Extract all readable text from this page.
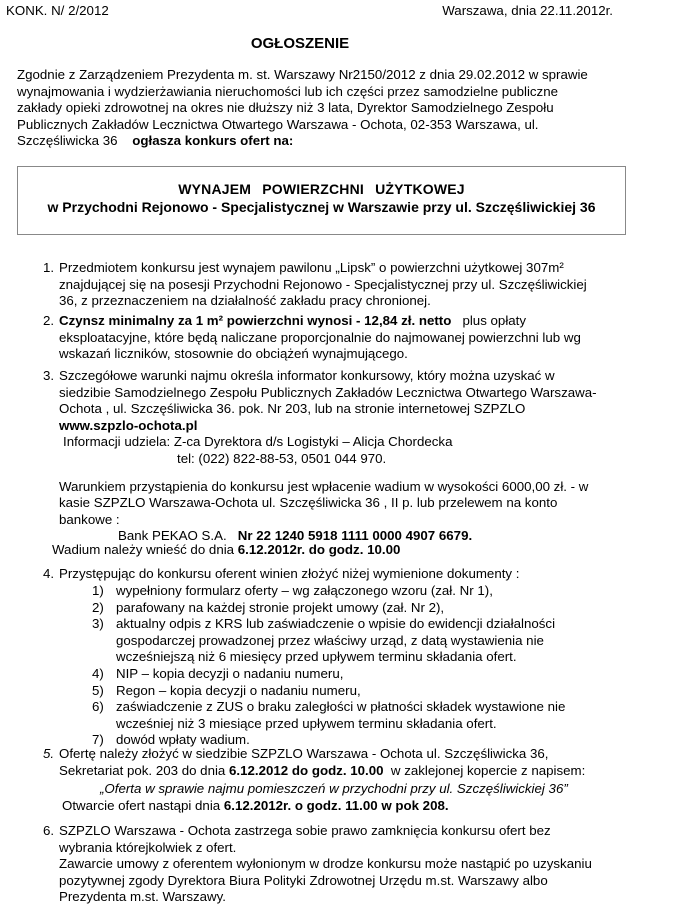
KONK. N/ 2/2012	Warszawa, dnia 22.11.2012r.
OGŁOSZENIE
Zgodnie z Zarządzeniem Prezydenta m. st. Warszawy Nr2150/2012 z dnia 29.02.2012 w sprawie
wynajmowania i wydzierżawiania nieruchomości lub ich części przez samodzielne publiczne
zakłady opieki zdrowotnej na okres nie dłuższy niż 3 lata, Dyrektor Samodzielnego Zespołu
Publicznych Zakładów Lecznictwa Otwartego Warszawa - Ochota, 02-353 Warszawa, ul.
Szczęśliwicka 36 ogłasza konkurs ofert na:
WYNAJEM POWIERZCHNI UŻYTKOWEJ
w Przychodni Rejonowo - Specjalistycznej w Warszawie przy ul. Szczęśliwickiej 36
1. Przedmiotem konkursu jest wynajem pawilonu „Lipsk” o powierzchni użytkowej 307m²
znajdującej się na posesji Przychodni Rejonowo - Specjalistycznej przy ul. Szczęśliwickiej
36, z przeznaczeniem na działalność zakładu pracy chronionej.
2. Czynsz minimalny za 1 m² powierzchni wynosi - 12,84 zł. netto plus opłaty
eksploatacyjne, które będą naliczane proporcjonalnie do najmowanej powierzchni lub wg
wskazań liczników, stosownie do obciążeń wynajmującego.
3. Szczegółowe warunki najmu określa informator konkursowy, który można uzyskać w
siedzibie Samodzielnego Zespołu Publicznych Zakładów Lecznictwa Otwartego Warszawa-
Ochota , ul. Szczęśliwicka 36. pok. Nr 203, lub na stronie internetowej SZPZLO
www.szpzlo-ochota.pl
Informacji udziela: Z-ca Dyrektora d/s Logistyki – Alicja Chordecka
tel: (022) 822-88-53, 0501 044 970.
Warunkiem przystąpienia do konkursu jest wpłacenie wadium w wysokości 6000,00 zł. - w
kasie SZPZLO Warszawa-Ochota ul. Szczęśliwicka 36 , II p. lub przelewem na konto
bankowe :
Bank PEKAO S.A. Nr 22 1240 5918 1111 0000 4907 6679.
Wadium należy wnieść do dnia 6.12.2012r. do godz. 10.00
4. Przystępując do konkursu oferent winien złożyć niżej wymienione dokumenty :
1) wypełniony formularz oferty – wg załączonego wzoru (zał. Nr 1),
2) parafowany na każdej stronie projekt umowy (zał. Nr 2),
3) aktualny odpis z KRS lub zaświadczenie o wpisie do ewidencji działalności
gospodarczej prowadzonej przez właściwy urząd, z datą wystawienia nie
wcześniejszą niż 6 miesięcy przed upływem terminu składania ofert.
4) NIP – kopia decyzji o nadaniu numeru,
5) Regon – kopia decyzji o nadaniu numeru,
6) zaświadczenie z ZUS o braku zaległości w płatności składek wystawione nie
wcześniej niż 3 miesiące przed upływem terminu składania ofert.
7) dowód wpłaty wadium.
5. Ofertę należy złożyć w siedzibie SZPZLO Warszawa - Ochota ul. Szczęśliwicka 36,
Sekretariat pok. 203 do dnia 6.12.2012 do godz. 10.00 w zaklejonej kopercie z napisem:
„Oferta w sprawie najmu pomieszczeń w przychodni przy ul. Szczęśliwickiej 36”
Otwarcie ofert nastąpi dnia 6.12.2012r. o godz. 11.00 w pok 208.
6. SZPZLO Warszawa - Ochota zastrzega sobie prawo zamknięcia konkursu ofert bez
wybrania którejkolwiek z ofert.
Zawarcie umowy z oferentem wyłonionym w drodze konkursu może nastąpić po uzyskaniu
pozytywnej zgody Dyrektora Biura Polityki Zdrowotnej Urzędu m.st. Warszawy albo
Prezydenta m.st. Warszawy.
